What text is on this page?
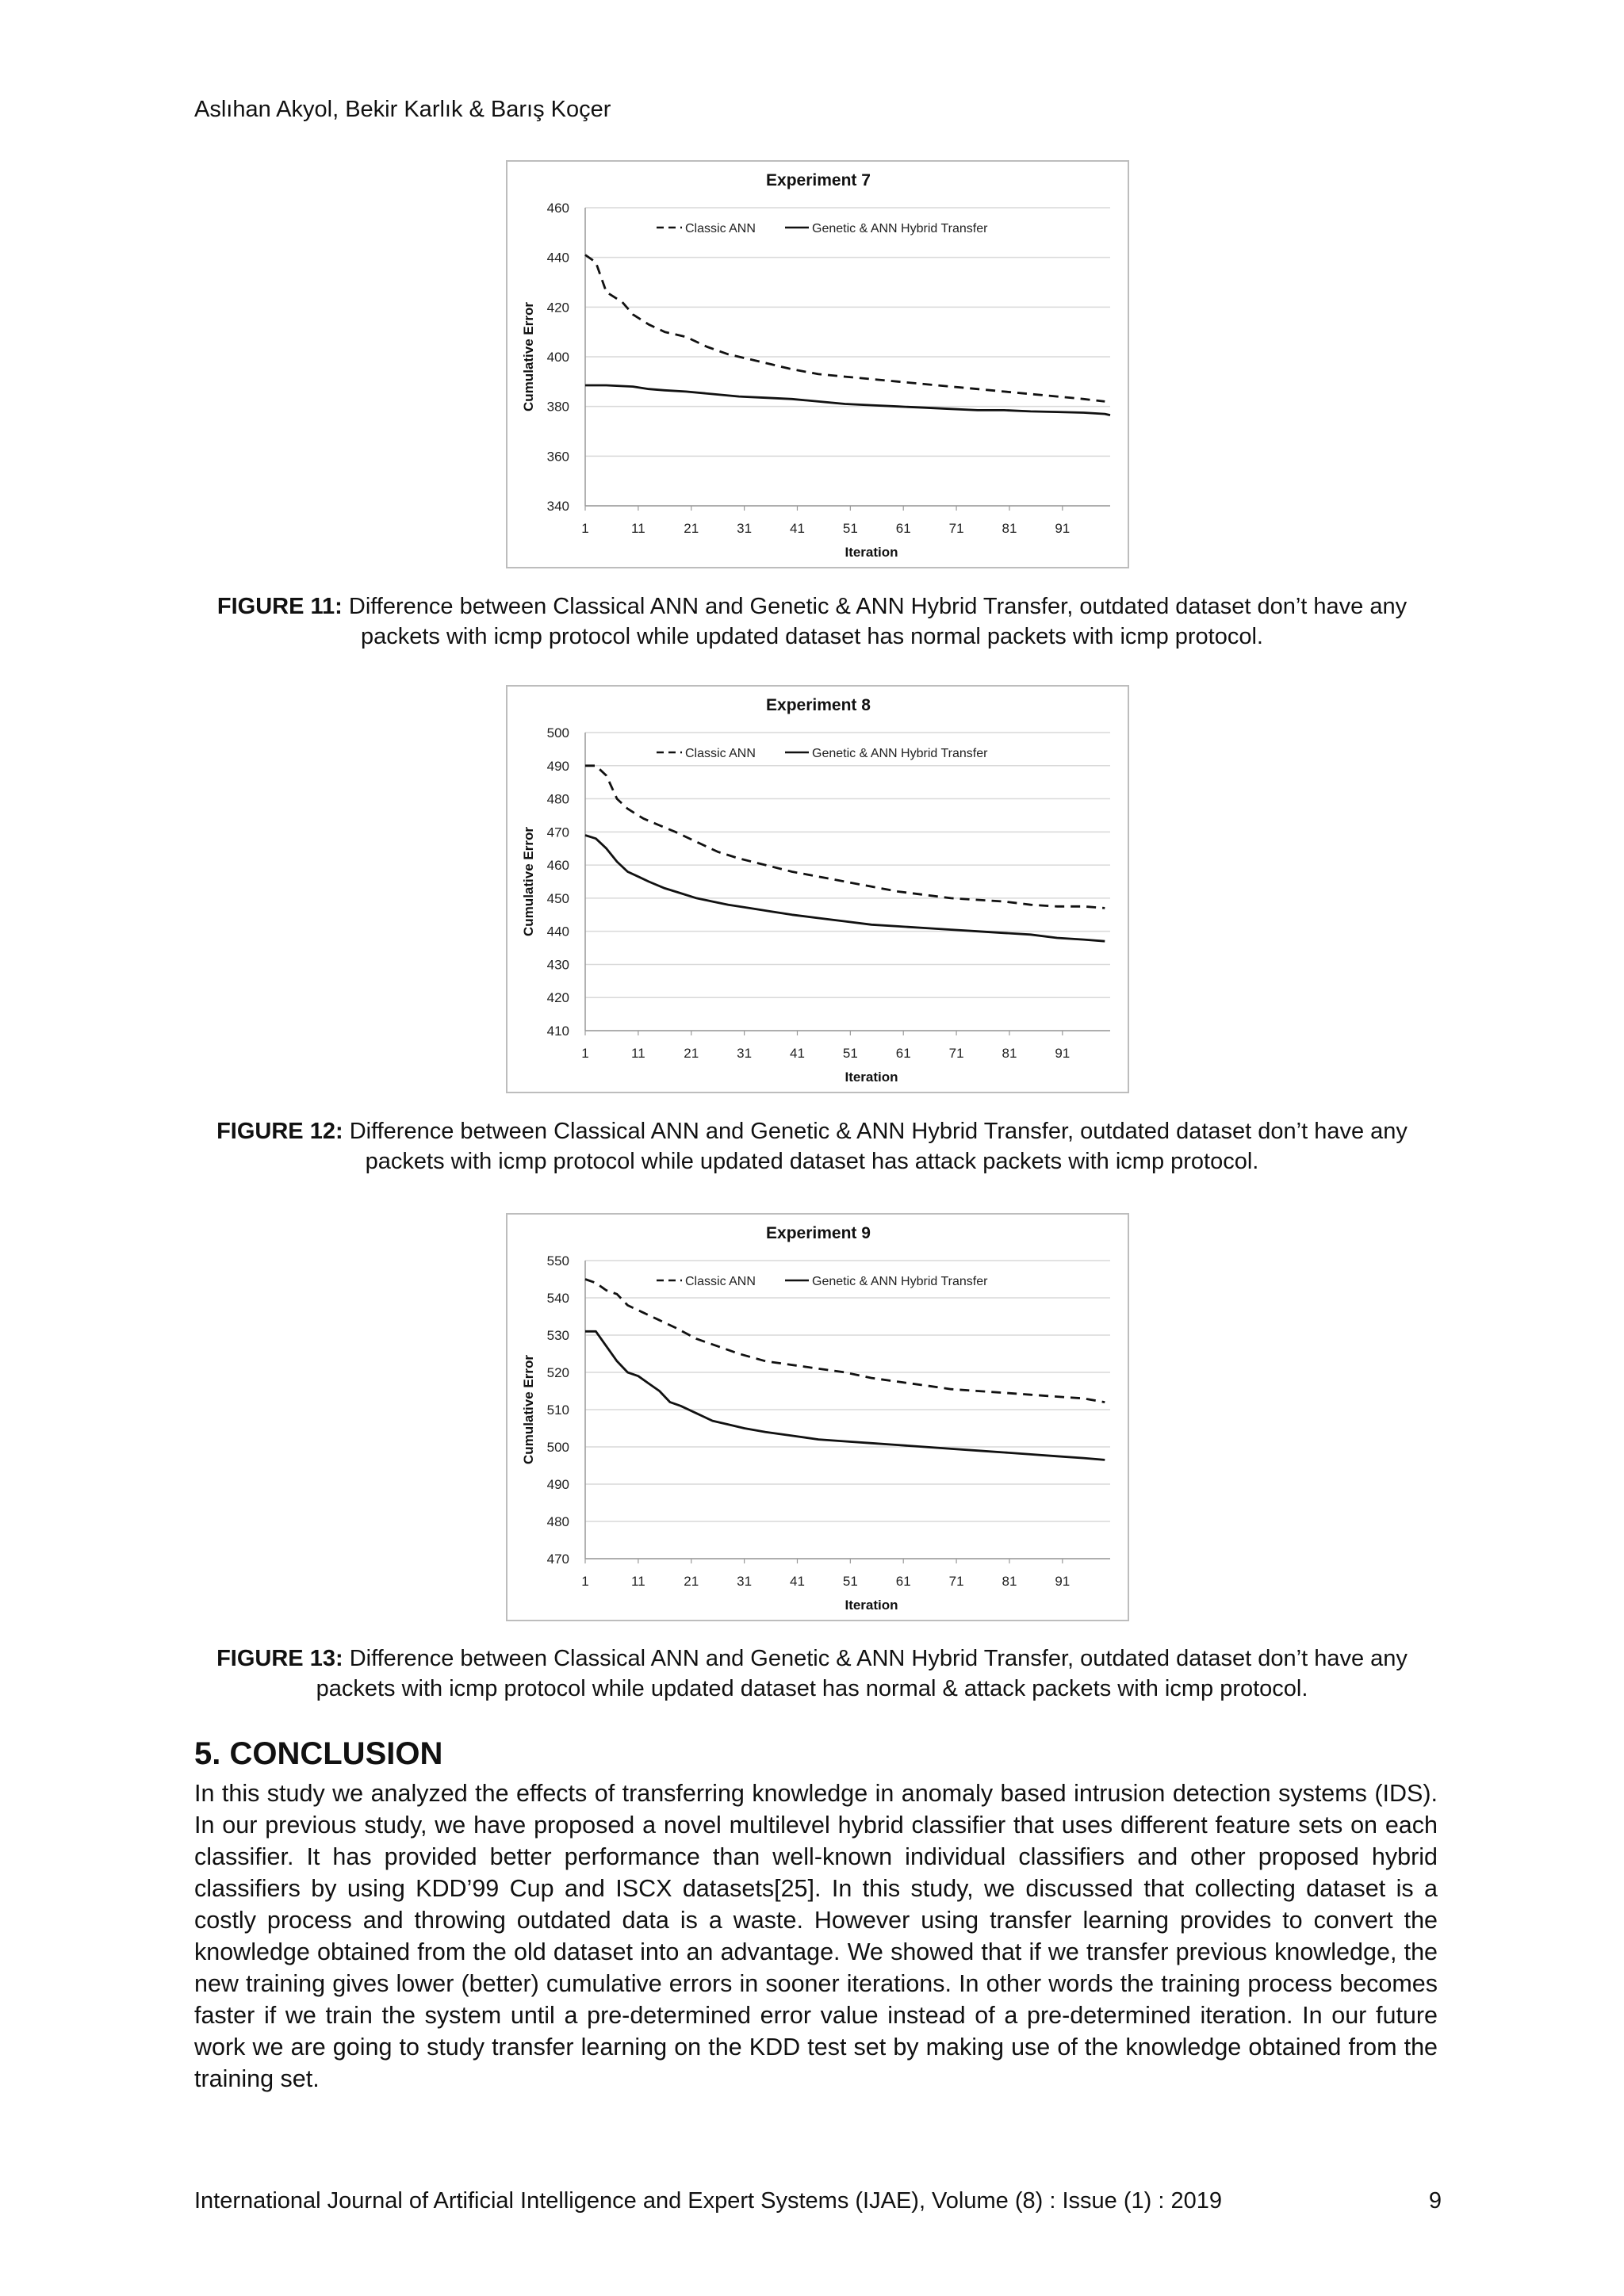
Aslıhan Akyol, Bekir Karlık & Barış Koçer
340
360
380
400
420
440
460
1	11	21	31	41	51	61	71	81	91
Experiment 7
Iteration
Cumulative Error
Classic ANN	Genetic & ANN Hybrid Transfer
FIGURE 11: Difference between Classical ANN and Genetic & ANN Hybrid Transfer, outdated dataset don’t have any packets with icmp protocol while updated dataset has normal packets with icmp protocol.
410
420
430
440
450
460
470
480
490
500
1	11	21	31	41	51	61	71	81	91
Experiment 8
Iteration
Cumulative Error
Classic ANN	Genetic & ANN Hybrid Transfer
FIGURE 12: Difference between Classical ANN and Genetic & ANN Hybrid Transfer, outdated dataset don’t have any packets with icmp protocol while updated dataset has attack packets with icmp protocol.
470
480
490
500
510
520
530
540
550
1	11	21	31	41	51	61	71	81	91
Experiment 9
Iteration
Cumulative Error
Classic ANN	Genetic & ANN Hybrid Transfer
FIGURE 13: Difference between Classical ANN and Genetic & ANN Hybrid Transfer, outdated dataset don’t have any packets with icmp protocol while updated dataset has normal & attack packets with icmp protocol.
5. CONCLUSION
In this study we analyzed the effects of transferring knowledge in anomaly based intrusion detection systems (IDS). In our previous study, we have proposed a novel multilevel hybrid classifier that uses different feature sets on each classifier. It has provided better performance than well-known individual classifiers and other proposed hybrid classifiers by using KDD’99 Cup and ISCX datasets[25]. In this study, we discussed that collecting dataset is a costly process and throwing outdated data is a waste. However using transfer learning provides to convert the knowledge obtained from the old dataset into an advantage. We showed that if we transfer previous knowledge, the new training gives lower (better) cumulative errors in sooner iterations. In other words the training process becomes faster if we train the system until a pre-determined error value instead of a pre-determined iteration. In our future work we are going to study transfer learning on the KDD test set by making use of the knowledge obtained from the training set.
International Journal of Artificial Intelligence and Expert Systems (IJAE), Volume (8) : Issue (1) : 2019	9
